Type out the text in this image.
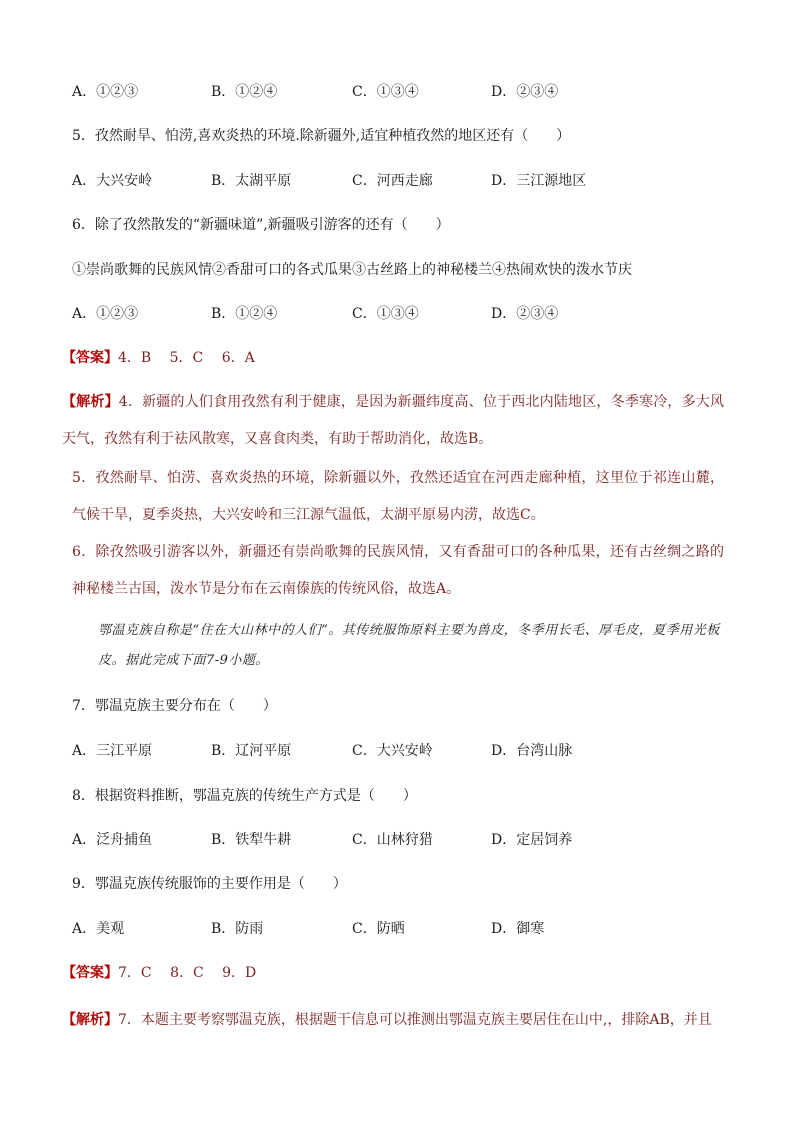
A．①②③	B．①②④	C．①③④	D．②③④
5．孜然耐旱、怕涝,喜欢炎热的环境.除新疆外,适宜种植孜然的地区还有（　　）
A．大兴安岭	B．太湖平原	C．河西走廊	D．三江源地区
6．除了孜然散发的“新疆味道”,新疆吸引游客的还有（　　）
①崇尚歌舞的民族风情②香甜可口的各式瓜果③古丝路上的神秘楼兰④热闹欢快的泼水节庆
A．①②③	B．①②④	C．①③④	D．②③④
【答案】4．B　 5．C　 6．A
【解析】4．新疆的人们食用孜然有利于健康，是因为新疆纬度高、位于西北内陆地区，冬季寒冷，多大风天气，孜然有利于祛风散寒，又喜食肉类，有助于帮助消化，故选B。
5．孜然耐旱、怕涝、喜欢炎热的环境，除新疆以外，孜然还适宜在河西走廊种植，这里位于祁连山麓，气候干旱，夏季炎热，大兴安岭和三江源气温低，太湖平原易内涝，故选C。
6．除孜然吸引游客以外，新疆还有崇尚歌舞的民族风情，又有香甜可口的各种瓜果，还有古丝绸之路的神秘楼兰古国，泼水节是分布在云南傣族的传统风俗，故选A。
鄂温克族自称是“住在大山林中的人们”。其传统服饰原料主要为兽皮，冬季用长毛、厚毛皮，夏季用光板皮。据此完成下面7-9小题。
7．鄂温克族主要分布在（　　）
A．三江平原	B．辽河平原	C．大兴安岭	D．台湾山脉
8．根据资料推断，鄂温克族的传统生产方式是（　　）
A．泛舟捕鱼	B．铁犁牛耕	C．山林狩猎	D．定居饲养
9．鄂温克族传统服饰的主要作用是（　　）
A．美观	B．防雨	C．防晒	D．御寒
【答案】7．C　 8．C　 9．D
【解析】7．本题主要考察鄂温克族，根据题干信息可以推测出鄂温克族主要居住在山中,，排除AB，并且
